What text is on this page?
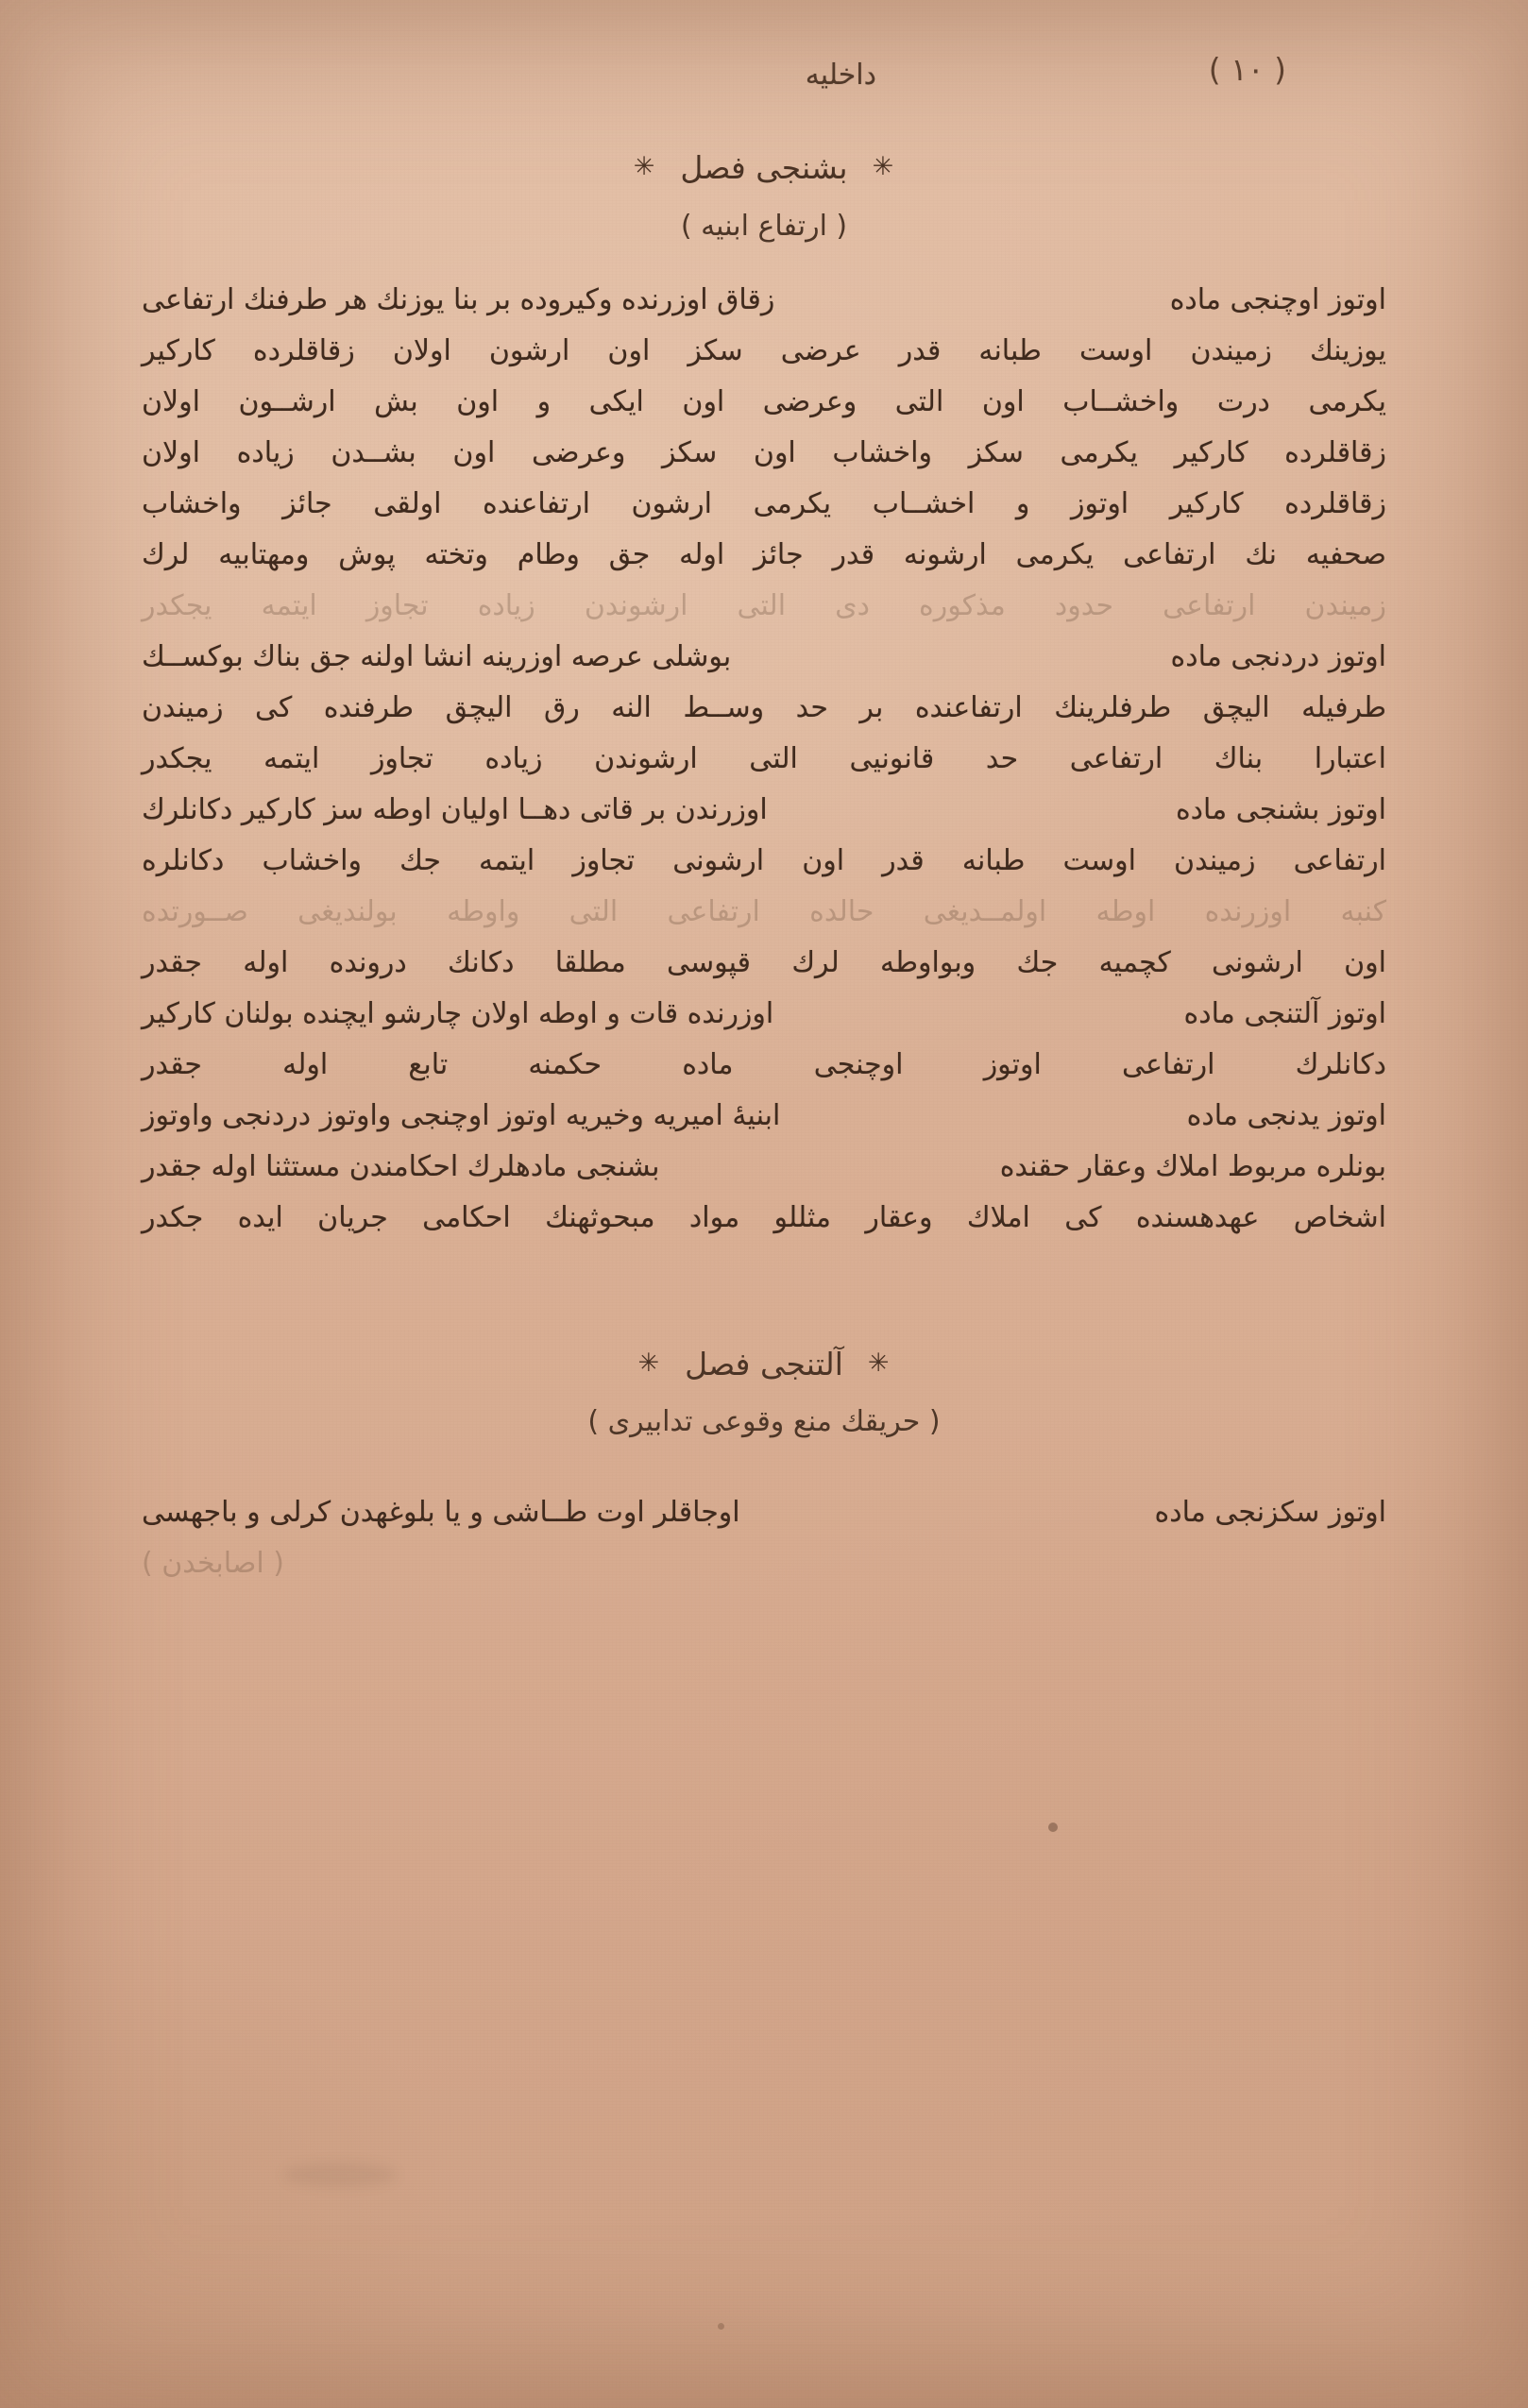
داخليه	( ١٠ )
✳بشنجی فصل✳
( ارتفاع ابنیه )
اوتوز اوچنجی ماده
زقاق اوزرنده وكیروده بر بنا یوزنك هر طرفنك ارتفاعی
یوزینك زمیندن اوست طبانه قدر عرضی سكز اون ارشون اولان زقاقلرده كاركیر
یكرمی درت واخشــاب اون التی وعرضی اون ایكی و اون بش ارشــون اولان
زقاقلرده كاركیر یكرمی سكز واخشاب اون سكز وعرضی اون بشــدن زیاده اولان
زقاقلرده كاركیر اوتوز و اخشــاب یكرمی ارشون ارتفاعنده اولقی جائز واخشاب
صحفیه نك ارتفاعی یكرمی ارشونه قدر جائز اوله جق وطام وتخته پوش ومهتابیه لرك
زمیندن ارتفاعی حدود مذكوره دی التی ارشوندن زیاده تجاوز ایتمه یجكدر
اوتوز دردنجی ماده
بوشلی عرصه اوزرینه انشا اولنه جق بناك بوكســك
طرفیله الیچق طرفلرینك ارتفاعنده بر حد وســط النه رق الیچق طرفنده كی زمیندن
اعتبارا بناك ارتفاعی حد قانونیی التی ارشوندن زیاده تجاوز ایتمه یجكدر
اوتوز بشنجی ماده
اوزرندن بر قاتی دهــا اولیان اوطه سز كاركیر دكانلرك
ارتفاعی زمیندن اوست طبانه قدر اون ارشونی تجاوز ایتمه جك واخشاب دكانلره
كنبه اوزرنده اوطه اولمــدیغی حالده ارتفاعی التی واوطه بولندیغی صــورتده
اون ارشونی كچمیه جك وبواوطه لرك قپوسی مطلقا دكانك درونده اوله جقدر
اوتوز آلتنجی ماده
اوزرنده قات و اوطه اولان چارشو ایچنده بولنان كاركیر
دكانلرك ارتفاعی اوتوز اوچنجی ماده حكمنه تابع اوله جقدر
اوتوز یدنجی ماده
ابنیهٔ امیریه وخیریه اوتوز اوچنجی واوتوز دردنجی واوتوز
بونلره مربوط املاك وعقار حقنده
بشنجی مادهلرك احكامندن مستثنا اوله جقدر
اشخاص عهدهسنده كی املاك وعقار مثللو مواد مبحوثهنك احكامی جریان ایده جكدر
✳آلتنجی فصل✳
( حریقك منع وقوعی تدابیری )
اوتوز سكزنجی ماده
اوجاقلر اوت طــاشی و یا بلوغهدن كرلی و باجهسی
( اصابخدن )
